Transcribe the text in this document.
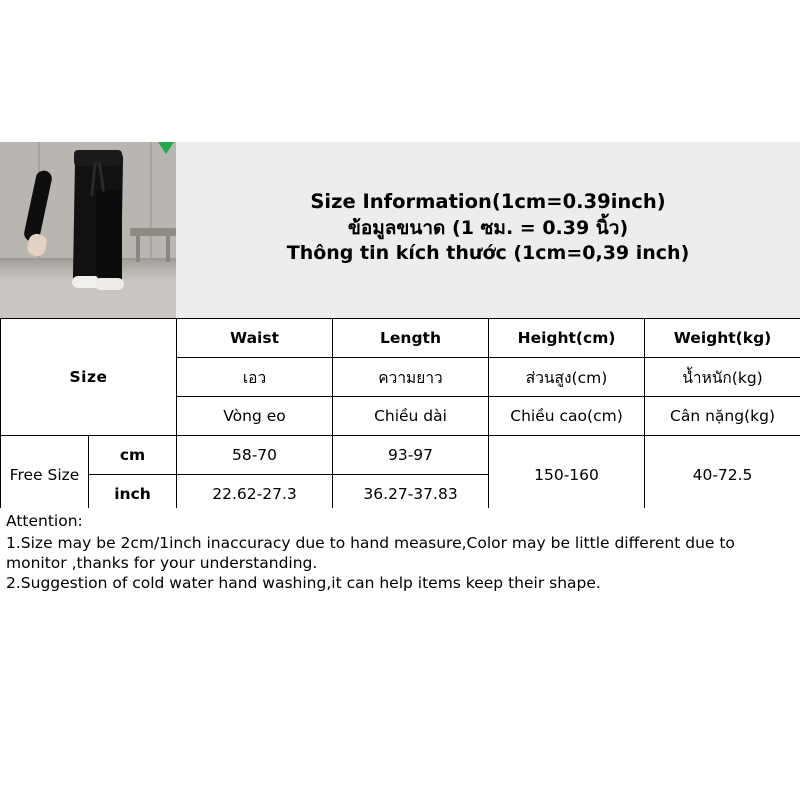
Size Information(1cm=0.39inch)
ข้อมูลขนาด (1 ซม. = 0.39 นิ้ว)
Thông tin kích thước (1cm=0,39 inch)
Size		Waist	Length	Height(cm)	Weight(kg)
		เอว	ความยาว	ส่วนสูง(cm)	น้ำหนัก(kg)
		Vòng eo	Chiều dài	Chiều cao(cm)	Cân nặng(kg)
Free Size	cm	58-70	93-97	150-160	40-72.5
	inch	22.62-27.3	36.27-37.83		

Attention:

1.Size may be 2cm/1inch inaccuracy due to hand measure,Color may be little different due to monitor ,thanks for your understanding.

2.Suggestion of cold water hand washing,it can help items keep their shape.
